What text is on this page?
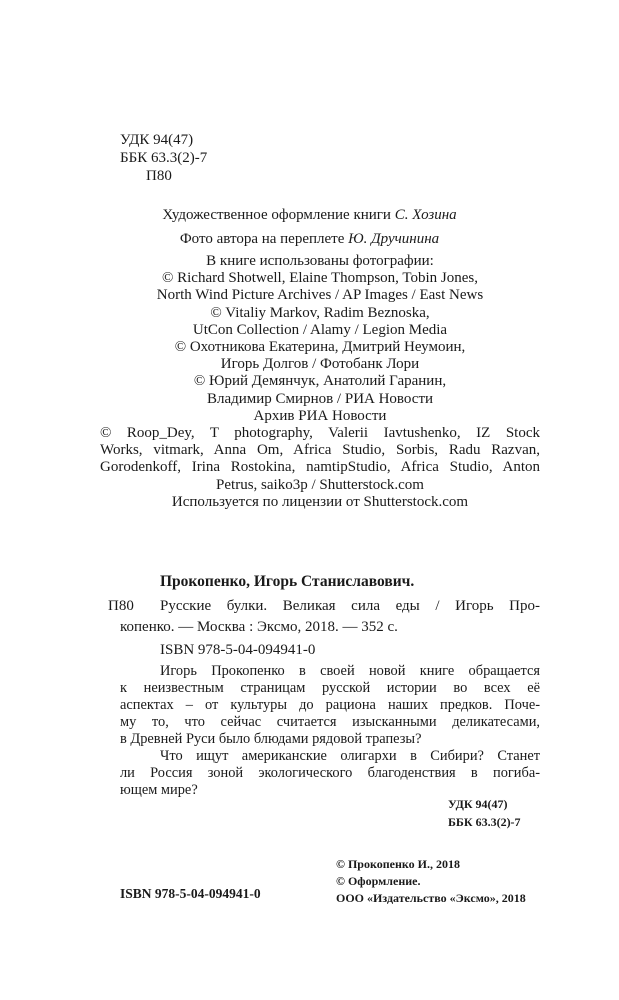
УДК 94(47)
ББК 63.3(2)-7
П80
Художественное оформление книги С. Хозина
Фото автора на переплете Ю. Дручинина
В книге использованы фотографии:
© Richard Shotwell, Elaine Thompson, Tobin Jones,
North Wind Picture Archives / AP Images / East News
© Vitaliy Markov, Radim Beznoska,
UtCon Collection / Alamy / Legion Media
© Охотникова Екатерина, Дмитрий Неумоин,
Игорь Долгов / Фотобанк Лори
© Юрий Демянчук, Анатолий Гаранин,
Владимир Смирнов / РИА Новости
Архив РИА Новости
© Roop_Dey, T photography, Valerii Iavtushenko, IZ Stock
Works, vitmark, Anna Om, Africa Studio, Sorbis, Radu Razvan,
Gorodenkoff, Irina Rostokina, namtipStudio, Africa Studio, Anton
Petrus, saiko3p / Shutterstock.com
Используется по лицензии от Shutterstock.com
Прокопенко, Игорь Станиславович.
П80 Русские булки. Великая сила еды / Игорь Про-
копенко. — Москва : Эксмо, 2018. — 352 с.
ISBN 978-5-04-094941-0
Игорь Прокопенко в своей новой книге обращается
к неизвестным страницам русской истории во всех её
аспектах – от культуры до рациона наших предков. Поче-
му то, что сейчас считается изысканными деликатесами,
в Древней Руси было блюдами рядовой трапезы?
Что ищут американские олигархи в Сибири? Станет
ли Россия зоной экологического благоденствия в погиба-
ющем мире?
УДК 94(47)
ББК 63.3(2)-7
© Прокопенко И., 2018
© Оформление.
ISBN 978-5-04-094941-0	ООО «Издательство «Эксмо», 2018
